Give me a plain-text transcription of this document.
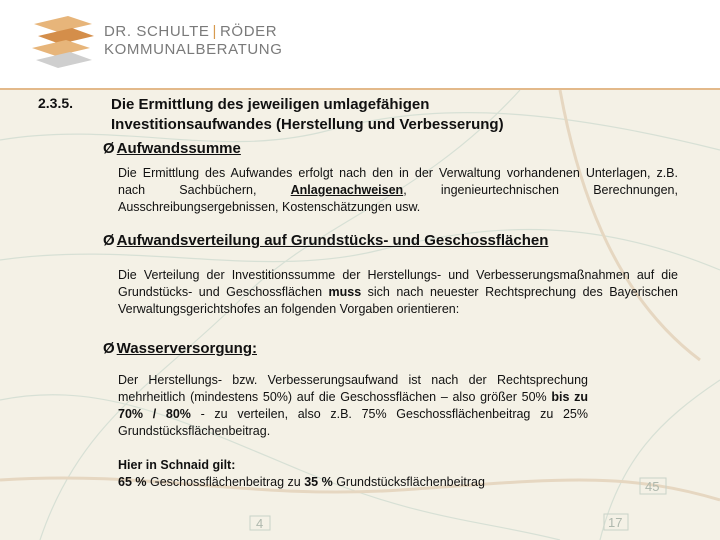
45
4	17
DR. SCHULTE | RÖDER
KOMMUNALBERATUNG
2.3.5.	Die Ermittlung des jeweiligen umlagefähigen
Investitionsaufwandes (Herstellung und Verbesserung)
Ø Aufwandssumme
Die Ermittlung des Aufwandes erfolgt nach den in der Verwaltung vorhandenen Unterlagen, z.B. nach Sachbüchern, Anlagenachweisen, ingenieurtechnischen Berechnungen, Ausschreibungsergebnissen, Kostenschätzungen usw.
Ø Aufwandsverteilung auf Grundstücks- und Geschossflächen
Die Verteilung der Investitionssumme der Herstellungs- und Verbesserungsmaßnahmen auf die Grundstücks- und Geschossflächen muss sich nach neuester Rechtsprechung des Bayerischen Verwaltungsgerichtshofes an folgenden Vorgaben orientieren:
Ø Wasserversorgung:
Der Herstellungs- bzw. Verbesserungsaufwand ist nach der Rechtsprechung mehrheitlich (mindestens 50%) auf die Geschossflächen – also größer 50% bis zu 70% / 80% - zu verteilen, also z.B. 75% Geschossflächenbeitrag zu 25% Grundstücksflächenbeitrag.
Hier in Schnaid gilt:
65 % Geschossflächenbeitrag zu 35 % Grundstücksflächenbeitrag
